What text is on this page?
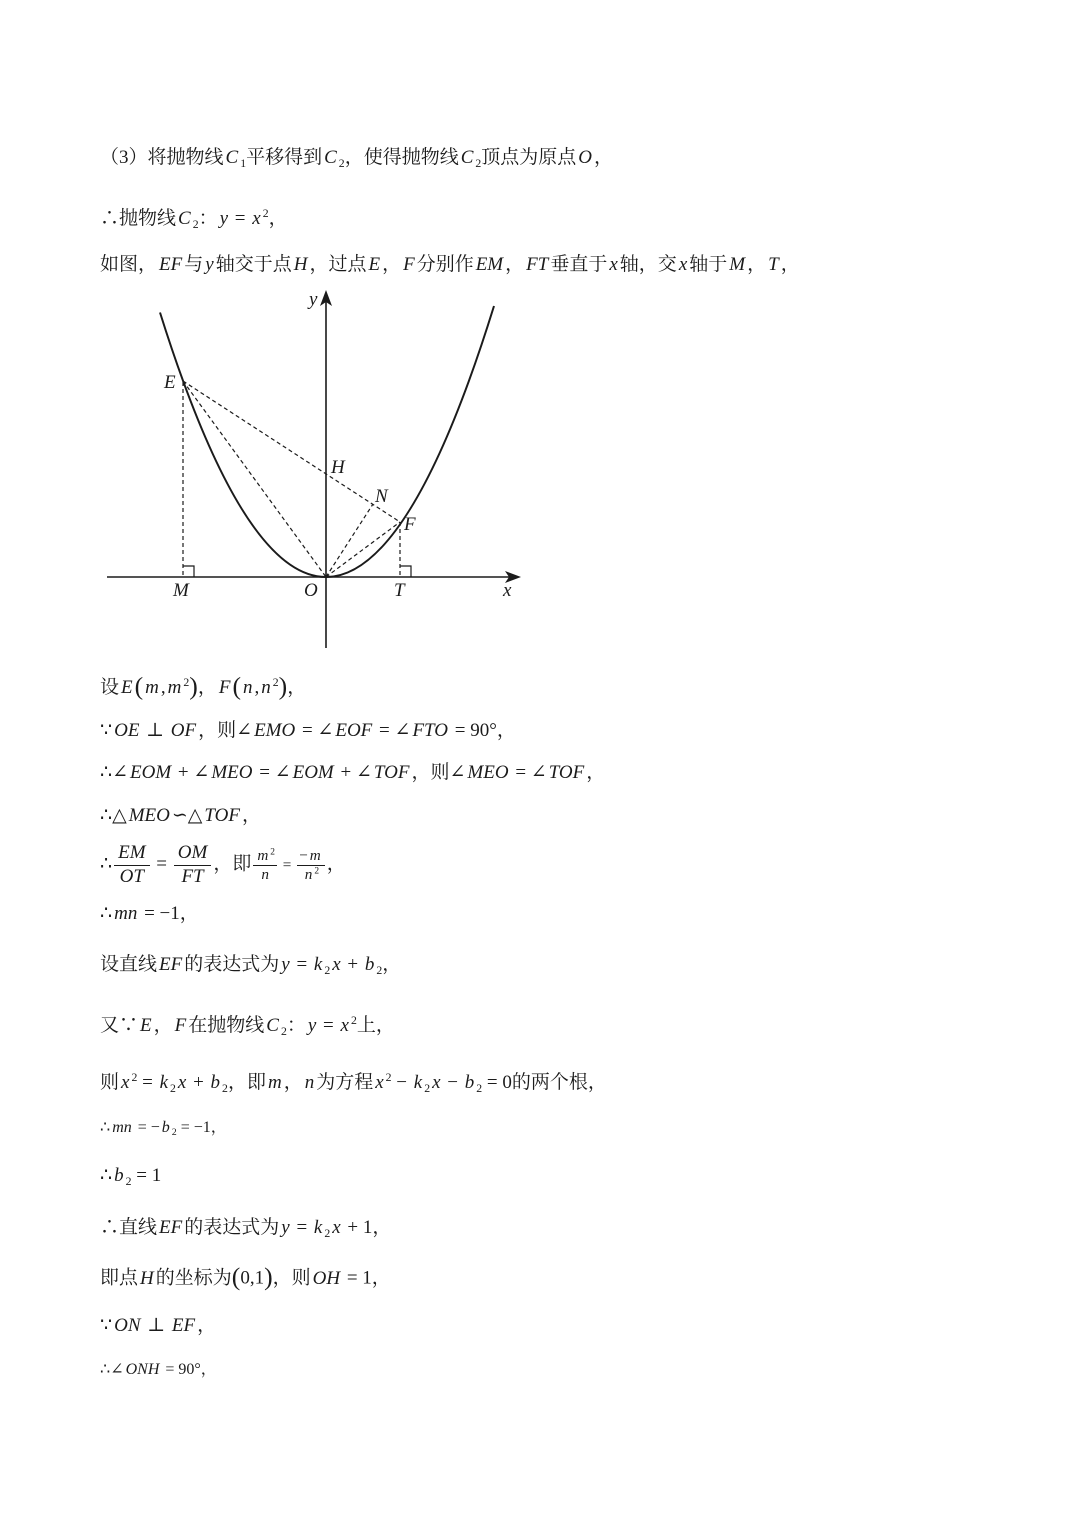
（3）将抛物线 C $_1$平移得到 C $_2$，使得抛物线 C $_2$顶点为原点 O ，
∴抛物线 C $_2$： y = x $^2$，
如图， EF 与 y 轴交于点 H ，过点 E ， F 分别作 EM ， FT 垂直于 x 轴，交 x 轴于 M ， T ，
y
x
E
H
N
F
M	O	T
设 E( m , m $^2$)， F( n , n $^2$)，
∵ OE ⊥ OF ，则∠ EMO = ∠ EOF = ∠ FTO = 90°，
∴∠ EOM + ∠ MEO = ∠ EOM + ∠ TOF ，则∠ MEO = ∠ TOF ，
∴△ MEO ∽△ TOF ，
∴ $\frac{EM}{OT} = \frac{OM}{FT}$ ，即 $\frac{m ^2}{n} = \frac{- m}{n ^2}$ ，
∴ mn = −1，
设直线 EF 的表达式为 y = k $_2$ x + b $_2$，
又∵ E ， F 在抛物线 C $_2$： y = x $^2$上，
则 x $^2$ = k $_2$ x + b $_2$，即 m ， n 为方程 x $^2$ − k $_2$ x − b $_2$ = 0的两个根，
∴ mn = − b $_2$ = −1，
∴ b $_2$ = 1
∴直线 EF 的表达式为 y = k $_2$ x + 1，
即点 H 的坐标为(0,1)，则 OH = 1，
∵ ON ⊥ EF ，
∴∠ ONH = 90°，
